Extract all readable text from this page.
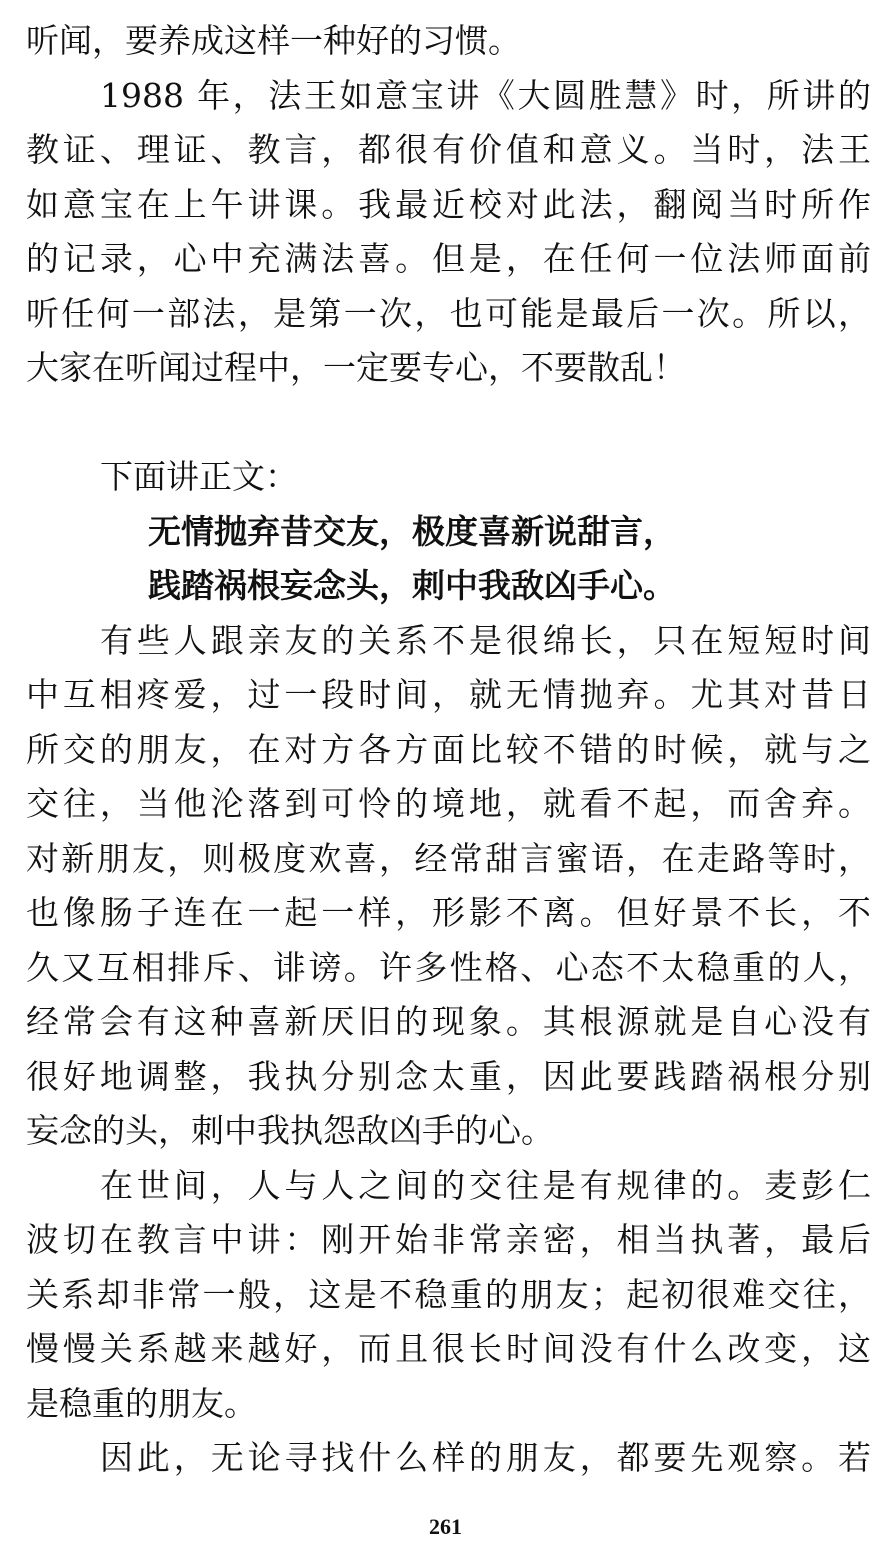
听闻，要养成这样一种好的习惯。
1988 年，法王如意宝讲《大圆胜慧》时，所讲的
教证、理证、教言，都很有价值和意义。当时，法王
如意宝在上午讲课。我最近校对此法，翻阅当时所作
的记录，心中充满法喜。但是，在任何一位法师面前
听任何一部法，是第一次，也可能是最后一次。所以，
大家在听闻过程中，一定要专心，不要散乱！
下面讲正文：
无情抛弃昔交友，极度喜新说甜言，
践踏祸根妄念头，刺中我敌凶手心。
有些人跟亲友的关系不是很绵长，只在短短时间
中互相疼爱，过一段时间，就无情抛弃。尤其对昔日
所交的朋友，在对方各方面比较不错的时候，就与之
交往，当他沦落到可怜的境地，就看不起，而舍弃。
对新朋友，则极度欢喜，经常甜言蜜语，在走路等时，
也像肠子连在一起一样，形影不离。但好景不长，不
久又互相排斥、诽谤。许多性格、心态不太稳重的人，
经常会有这种喜新厌旧的现象。其根源就是自心没有
很好地调整，我执分别念太重，因此要践踏祸根分别
妄念的头，刺中我执怨敌凶手的心。
在世间，人与人之间的交往是有规律的。麦彭仁
波切在教言中讲：刚开始非常亲密，相当执著，最后
关系却非常一般，这是不稳重的朋友；起初很难交往，
慢慢关系越来越好，而且很长时间没有什么改变，这
是稳重的朋友。
因此，无论寻找什么样的朋友，都要先观察。若
261
